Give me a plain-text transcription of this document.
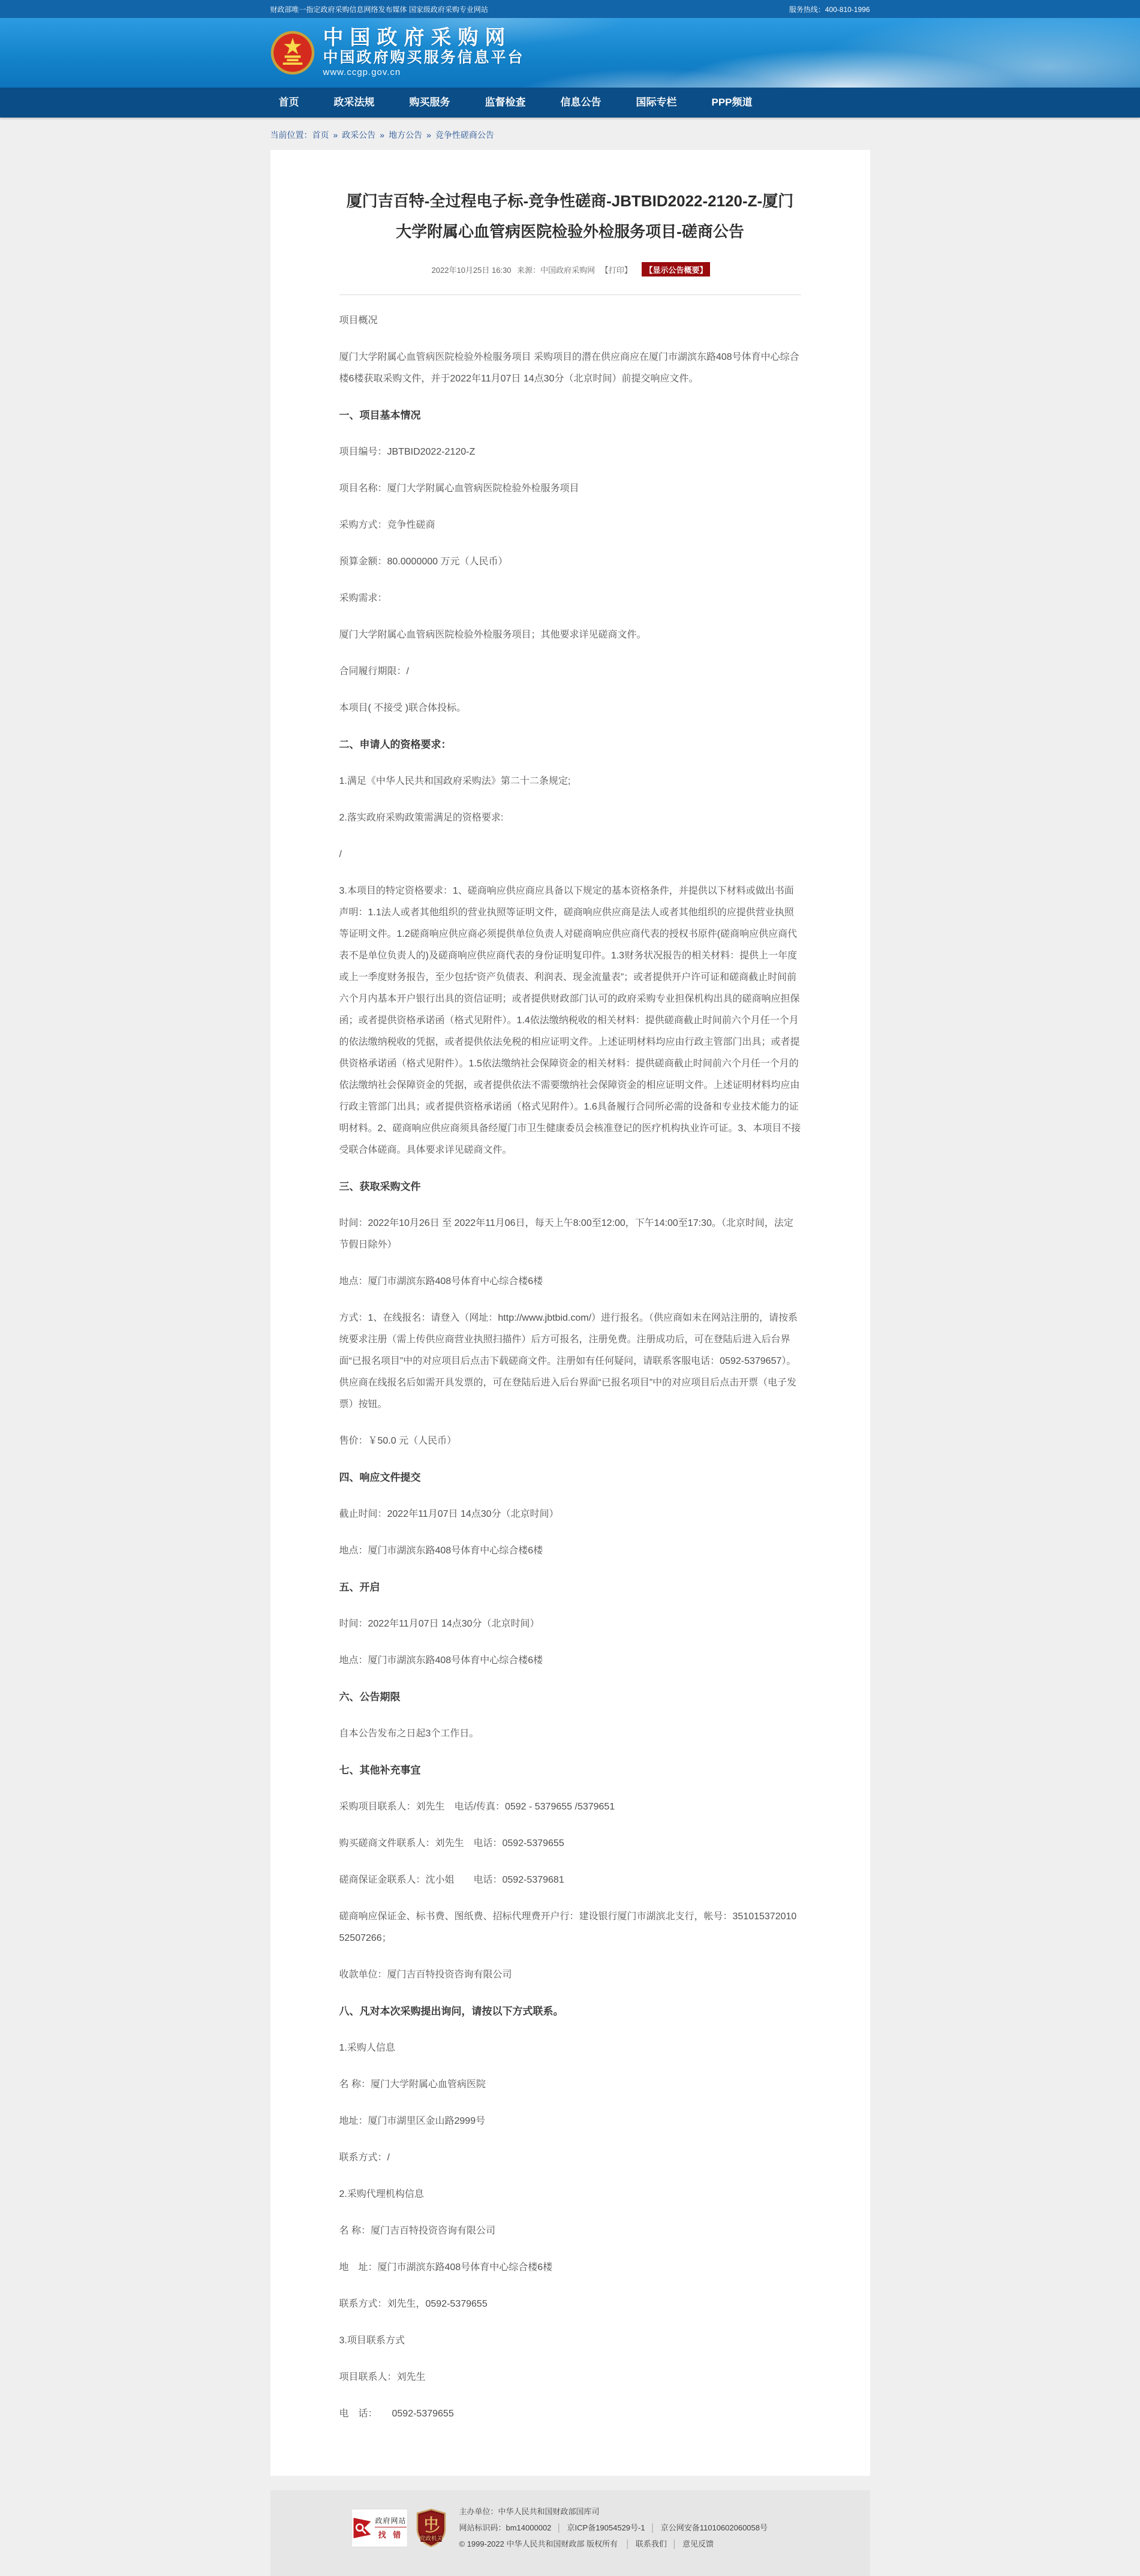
财政部唯一指定政府采购信息网络发布媒体 国家级政府采购专业网站	服务热线：400-810-1996
中国政府采购网
中国政府购买服务信息平台
www.ccgp.gov.cn
首页	政采法规	购买服务	监督检查	信息公告	国际专栏	PPP频道
当前位置：首页 » 政采公告 » 地方公告 » 竞争性磋商公告
厦门吉百特-全过程电子标-竞争性磋商-JBTBID2022-2120-Z-厦门大学附属心血管病医院检验外检服务项目-磋商公告
2022年10月25日 16:30 来源：中国政府采购网 【打印】 【显示公告概要】

项目概况

厦门大学附属心血管病医院检验外检服务项目 采购项目的潜在供应商应在厦门市湖滨东路408号体育中心综合楼6楼获取采购文件，并于2022年11月07日 14点30分（北京时间）前提交响应文件。

一、项目基本情况

项目编号：JBTBID2022-2120-Z

项目名称：厦门大学附属心血管病医院检验外检服务项目

采购方式：竞争性磋商

预算金额：80.0000000 万元（人民币）

采购需求：

厦门大学附属心血管病医院检验外检服务项目；其他要求详见磋商文件。

合同履行期限：/

本项目( 不接受 )联合体投标。

二、申请人的资格要求：

1.满足《中华人民共和国政府采购法》第二十二条规定;

2.落实政府采购政策需满足的资格要求:

/

3.本项目的特定资格要求：1、磋商响应供应商应具备以下规定的基本资格条件，并提供以下材料或做出书面声明：1.1法人或者其他组织的营业执照等证明文件，磋商响应供应商是法人或者其他组织的应提供营业执照等证明文件。1.2磋商响应供应商必须提供单位负责人对磋商响应供应商代表的授权书原件(磋商响应供应商代表不是单位负责人的)及磋商响应供应商代表的身份证明复印件。1.3财务状况报告的相关材料：提供上一年度或上一季度财务报告，至少包括“资产负债表、利润表、现金流量表”；或者提供开户许可证和磋商截止时间前六个月内基本开户银行出具的资信证明；或者提供财政部门认可的政府采购专业担保机构出具的磋商响应担保函；或者提供资格承诺函（格式见附件）。1.4依法缴纳税收的相关材料：提供磋商截止时间前六个月任一个月的依法缴纳税收的凭据，或者提供依法免税的相应证明文件。上述证明材料均应由行政主管部门出具；或者提供资格承诺函（格式见附件）。1.5依法缴纳社会保障资金的相关材料：提供磋商截止时间前六个月任一个月的依法缴纳社会保障资金的凭据，或者提供依法不需要缴纳社会保障资金的相应证明文件。上述证明材料均应由行政主管部门出具；或者提供资格承诺函（格式见附件）。1.6具备履行合同所必需的设备和专业技术能力的证明材料。2、磋商响应供应商须具备经厦门市卫生健康委员会核准登记的医疗机构执业许可证。3、本项目不接受联合体磋商。具体要求详见磋商文件。

三、获取采购文件

时间：2022年10月26日 至 2022年11月06日，每天上午8:00至12:00，下午14:00至17:30。（北京时间，法定节假日除外）

地点：厦门市湖滨东路408号体育中心综合楼6楼

方式：1、在线报名：请登入（网址：http://www.jbtbid.com/）进行报名。（供应商如未在网站注册的，请按系统要求注册（需上传供应商营业执照扫描件）后方可报名，注册免费。注册成功后，可在登陆后进入后台界面“已报名项目”中的对应项目后点击下载磋商文件。注册如有任何疑问，请联系客服电话：0592-5379657）。供应商在线报名后如需开具发票的，可在登陆后进入后台界面“已报名项目”中的对应项目后点击开票（电子发票）按钮。

售价：￥50.0 元（人民币）

四、响应文件提交

截止时间：2022年11月07日 14点30分（北京时间）

地点：厦门市湖滨东路408号体育中心综合楼6楼

五、开启

时间：2022年11月07日 14点30分（北京时间）

地点：厦门市湖滨东路408号体育中心综合楼6楼

六、公告期限

自本公告发布之日起3个工作日。

七、其他补充事宜

采购项目联系人：刘先生　电话/传真：0592 - 5379655 /5379651

购买磋商文件联系人：刘先生　电话：0592-5379655

磋商保证金联系人：沈小姐　　电话：0592-5379681

磋商响应保证金、标书费、图纸费、招标代理费开户行：建设银行厦门市湖滨北支行，帐号：35101537201052507266；

收款单位：厦门吉百特投资咨询有限公司

八、凡对本次采购提出询问，请按以下方式联系。

1.采购人信息

名 称：厦门大学附属心血管病医院

地址：厦门市湖里区金山路2999号

联系方式：/

2.采购代理机构信息

名 称：厦门吉百特投资咨询有限公司

地　址：厦门市湖滨东路408号体育中心综合楼6楼

联系方式：刘先生，0592-5379655

3.项目联系方式

项目联系人：刘先生

电　话：　　0592-5379655

政府网站
找 错
中
党政机关
主办单位：中华人民共和国财政部国库司
网站标识码：bm14000002 │ 京ICP备19054529号-1 │ 京公网安备11010602060058号
© 1999-2022 中华人民共和国财政部 版权所有 │ 联系我们 │ 意见反馈
